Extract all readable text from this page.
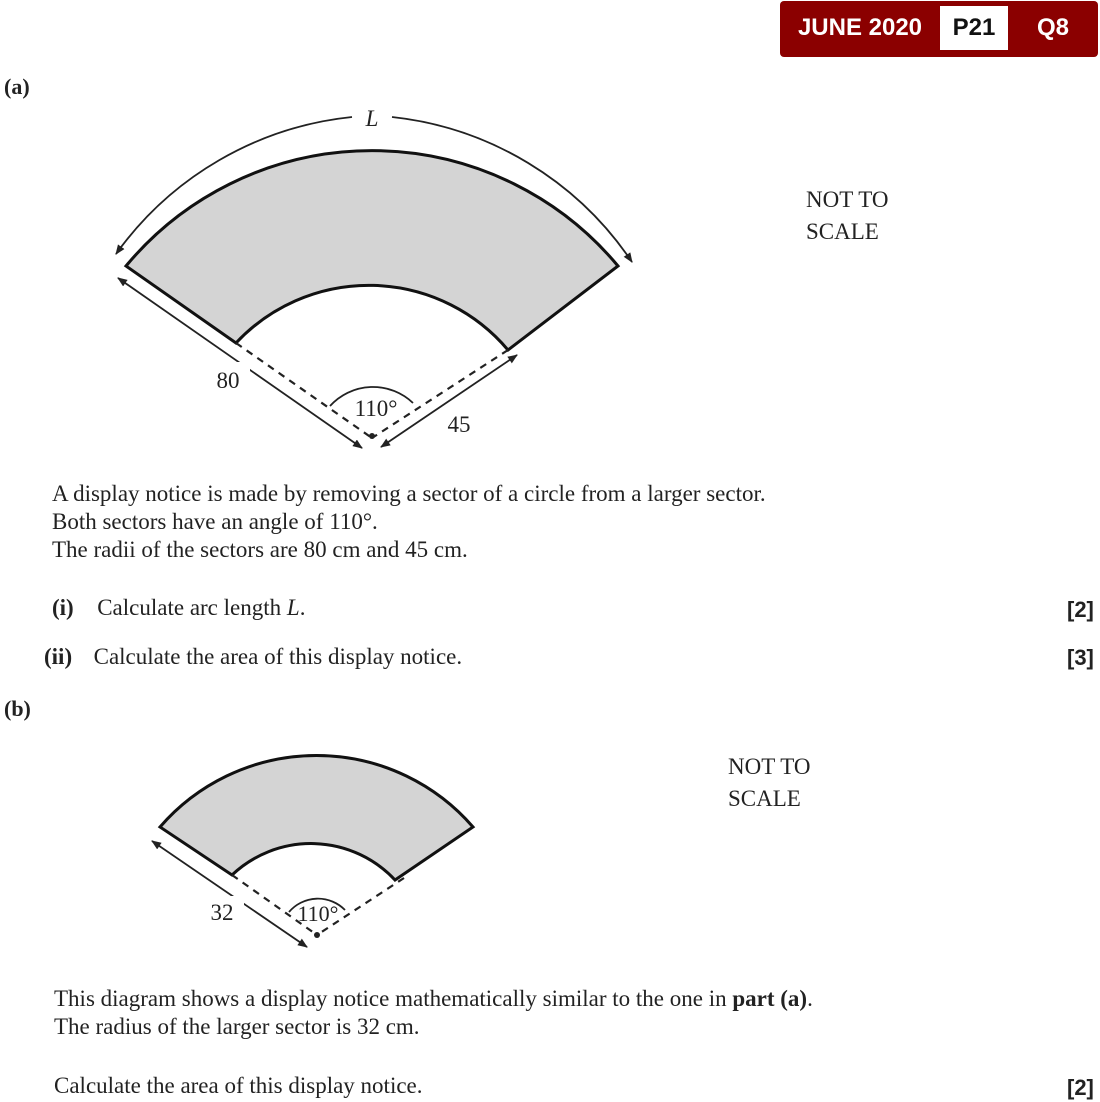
JUNE 2020	P21	Q8
(a)
L
80
45
110°
NOT TO
SCALE
A display notice is made by removing a sector of a circle from a larger sector.
Both sectors have an angle of 110°.
The radii of the sectors are 80 cm and 45 cm.
(i) Calculate arc length L.	[2]
(ii) Calculate the area of this display notice.	[3]
(b)
32	110°
NOT TO
SCALE
This diagram shows a display notice mathematically similar to the one in part (a).
The radius of the larger sector is 32 cm.
Calculate the area of this display notice.	[2]
